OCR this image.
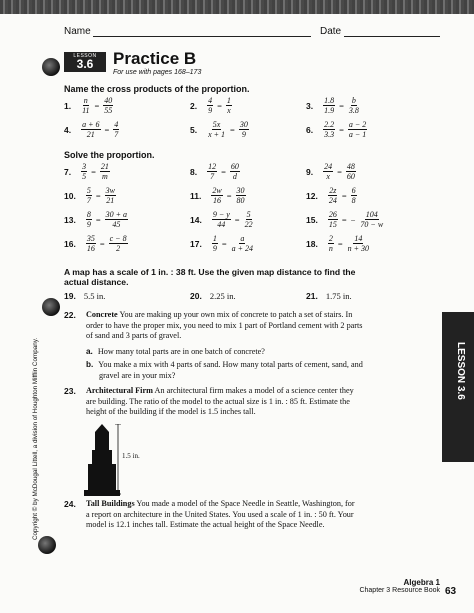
Name	Date
LESSON
3.6	Practice B
For use with pages 168–173
Name the cross products of the proportion.
1. $\frac{n}{11} = \frac{40}{55}$	2. $\frac{4}{9} = \frac{1}{x}$	3. $\frac{1.8}{1.9} = \frac{b}{3.8}$
4. $\frac{a + 6}{21} = \frac{4}{7}$	5. $\frac{5x}{x + 1} = \frac{30}{9}$	6. $\frac{2.2}{3.3} = \frac{a - 2}{a - 1}$
Solve the proportion.
7. $\frac{3}{5} = \frac{21}{m}$	8. $\frac{12}{7} = \frac{60}{d}$	9. $\frac{24}{x} = \frac{48}{60}$
10. $\frac{5}{7} = \frac{3w}{21}$	11. $\frac{2w}{16} = \frac{30}{80}$	12. $\frac{2z}{24} = \frac{6}{8}$
13. $\frac{8}{9} = \frac{30 + a}{45}$	14. $\frac{9 - y}{44} = \frac{5}{22}$	15. $\frac{26}{15}$ = − $\frac{104}{70 - w}$
16. $\frac{35}{16} = \frac{c - 8}{2}$	17. $\frac{1}{9} = \frac{a}{a + 24}$	18. $\frac{2}{n} = \frac{14}{n + 30}$
A map has a scale of 1 in. : 38 ft. Use the given map distance to find the
actual distance.
19. 5.5 in.	20. 2.25 in.	21. 1.75 in.
22. Concrete You are making up your own mix of concrete to patch a set of stairs. In
order to have the proper mix, you need to mix 1 part of Portland cement with 2 parts
of sand and 3 parts of gravel.
a. How many total parts are in one batch of concrete?
b. You make a mix with 4 parts of sand. How many total parts of cement, sand, and
gravel are in your mix?
23. Architectural Firm An architectural firm makes a model of a science center they
are building. The ratio of the model to the actual size is 1 in. : 85 ft. Estimate the
height of the building if the model is 1.5 inches tall.
1.5 in.
24. Tall Buildings You made a model of the Space Needle in Seattle, Washington, for
a report on architecture in the United States. You used a scale of 1 in. : 50 ft. Your
model is 12.1 inches tall. Estimate the actual height of the Space Needle.
LESSON 3.6
Copyright © by McDougal Littell, a division of Houghton Mifflin Company.
Algebra 1
Chapter 3 Resource Book 63
